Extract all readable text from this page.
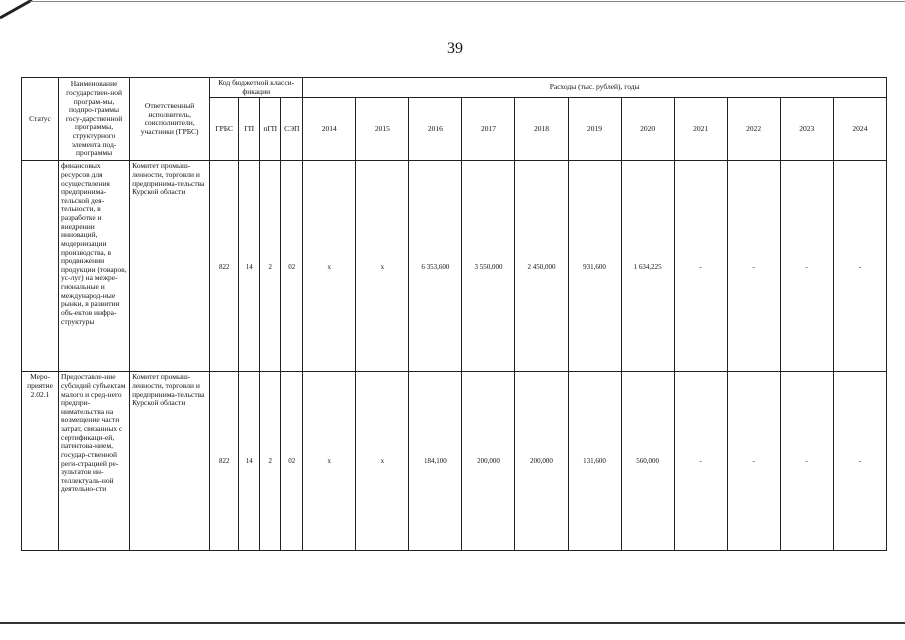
39
Статус	Наименование государствен-ной програм-мы, подпро-граммы госу-дарственной программы, структурного элемента под-программы	Ответственный исполнитель, соисполнители, участники (ГРБС)	Код бюджетной класси-фикации				Расходы (тыс. рублей), годы										
			ГРБС	ГП	пГП	СЭП	2014	2015	2016	2017	2018	2019	2020	2021	2022	2023	2024
	финансовых ресурсов для осуществления предпринима-тельской дея-тельности, в разработке и внедрении инноваций, модернизации производства, в продвижении продукции (товаров, ус-луг) на межре-гиональные и международ-ные рынки, в развитии объ-ектов инфра-структуры	Комитет промыш-ленности, торговли и предпринима-тельства Курской области	822	14	2	02	х	х	6 353,600	3 550,000	2 450,000	931,600	1 634,225	-	-	-	-
Меро-приятие 2.02.1	Предоставле-ние субсидий субъектам малого и сред-него предпри-нимательства на возмещение части затрат, связанных с сертификаци-ей, патентова-нием, государ-ственной реги-страцией ре-зультатов ин-теллектуаль-ной деятельно-сти	Комитет промыш-ленности, торговли и предпринима-тельства Курской области	822	14	2	02	х	х	184,100	200,000	200,000	131,600	560,000	-	-	-	-
